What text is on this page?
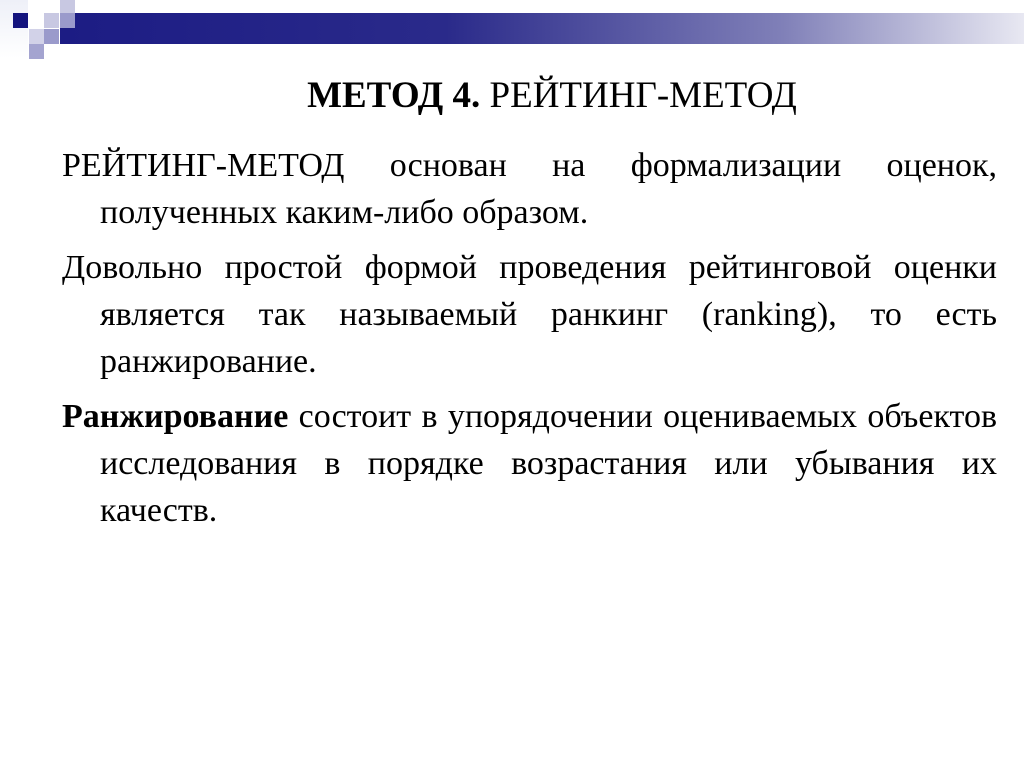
МЕТОД 4. РЕЙТИНГ-МЕТОД

РЕЙТИНГ-МЕТОД основан на формализации оценок, полученных каким-либо образом.

Довольно простой формой проведения рейтинговой оценки является так называемый ранкинг (ranking), то есть ранжирование.

Ранжирование состоит в упорядочении оцениваемых объектов исследования в порядке возрастания или убывания их качеств.
